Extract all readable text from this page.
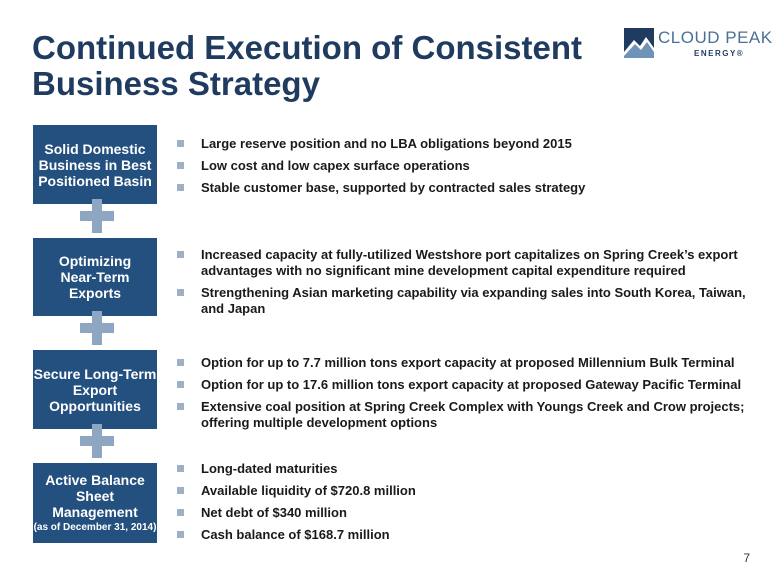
Continued Execution of Consistent Business Strategy
CLOUD PEAK
ENERGY®
Solid Domestic Business in Best Positioned Basin
Optimizing Near-Term Exports
Secure Long-Term Export Opportunities
Active Balance Sheet Management
(as of December 31, 2014)
Large reserve position and no LBA obligations beyond 2015
Low cost and low capex surface operations
Stable customer base, supported by contracted sales strategy
Increased capacity at fully-utilized Westshore port capitalizes on Spring Creek’s export advantages with no significant mine development capital expenditure required
Strengthening Asian marketing capability via expanding sales into South Korea, Taiwan, and Japan
Option for up to 7.7 million tons export capacity at proposed Millennium Bulk Terminal
Option for up to 17.6 million tons export capacity at proposed Gateway Pacific Terminal
Extensive coal position at Spring Creek Complex with Youngs Creek and Crow projects; offering multiple development options
Long-dated maturities
Available liquidity of $720.8 million
Net debt of $340 million
Cash balance of $168.7 million
7
